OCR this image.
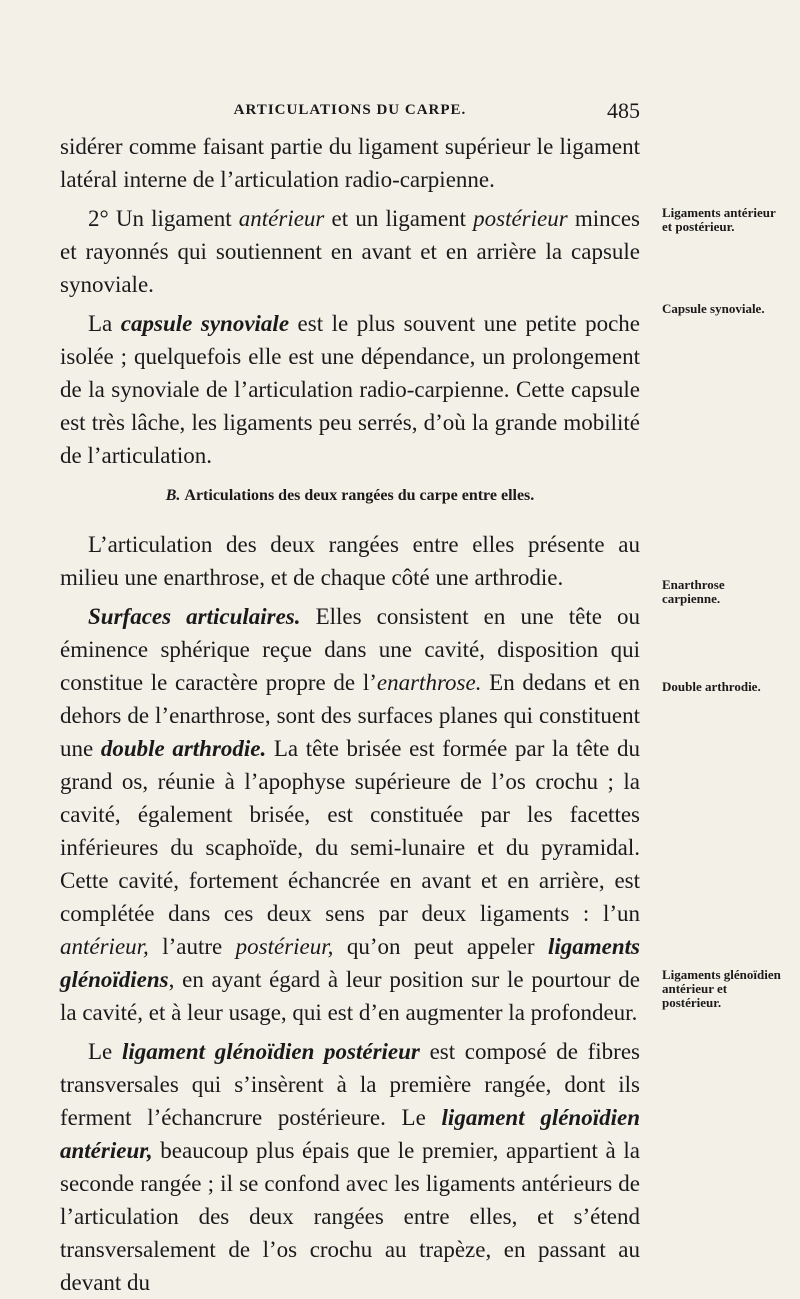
ARTICULATIONS DU CARPE.	485

sidérer comme faisant partie du ligament supérieur le ligament latéral interne de l’articulation radio-carpienne.

2° Un ligament antérieur et un ligament postérieur minces et rayonnés qui soutiennent en avant et en arrière la capsule synoviale.

La capsule synoviale est le plus souvent une petite poche isolée ; quelquefois elle est une dépendance, un prolongement de la synoviale de l’articulation radio-carpienne. Cette capsule est très lâche, les ligaments peu serrés, d’où la grande mobilité de l’articulation.

B. Articulations des deux rangées du carpe entre elles.

L’articulation des deux rangées entre elles présente au milieu une enarthrose, et de chaque côté une arthrodie.

Surfaces articulaires. Elles consistent en une tête ou éminence sphérique reçue dans une cavité, disposition qui constitue le caractère propre de l’enarthrose. En dedans et en dehors de l’enarthrose, sont des surfaces planes qui constituent une double arthrodie. La tête brisée est formée par la tête du grand os, réunie à l’apophyse supérieure de l’os crochu ; la cavité, également brisée, est constituée par les facettes inférieures du scaphoïde, du semi-lunaire et du pyramidal. Cette cavité, fortement échancrée en avant et en arrière, est complétée dans ces deux sens par deux ligaments : l’un antérieur, l’autre postérieur, qu’on peut appeler ligaments glénoïdiens, en ayant égard à leur position sur le pourtour de la cavité, et à leur usage, qui est d’en augmenter la profondeur.

Le ligament glénoïdien postérieur est composé de fibres transversales qui s’insèrent à la première rangée, dont ils ferment l’échancrure postérieure. Le ligament glénoïdien antérieur, beaucoup plus épais que le premier, appartient à la seconde rangée ; il se confond avec les ligaments antérieurs de l’articulation des deux rangées entre elles, et s’étend transversalement de l’os crochu au trapèze, en passant au devant du

Ligaments antérieur et postérieur.
Capsule synoviale.
Enarthrose carpienne.
Double arthrodie.
Ligaments glénoïdien antérieur et postérieur.
